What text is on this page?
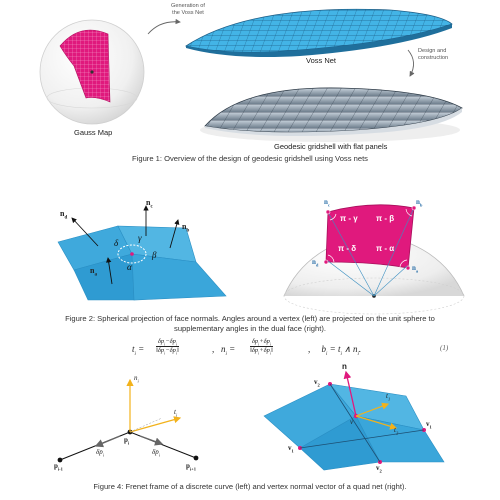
Generation of
the Voss Net
Design and
construction
Voss Net
Gauss Map
Geodesic gridshell with flat panels
Figure 1: Overview of the design of geodesic gridshell using Voss nets
$n_d$
$n_c$
$n_b$
$n_a$
δ γ
β
α
π - γ π - β
π - δ π - α
$n_c$	$n_b$
$n_d$	$n_a$
Figure 2: Spherical projection of face normals. Angles around a vertex (left) are projected on the unit sphere to
supplementary angles in the dual face (right).
$t_i$ =
$\delta p_i-\delta p_i$
$‖\delta p_i-\delta p_i‖$	,   $n_i$ =
$\delta p_i+\delta p_i$
$‖\delta p_i+\delta p_i‖$	,     $b_i = t_i$ ∧ $n_i$.	(1)
$n_i$
$t_i$
$p_i$
$p_{i-1}$	$p_{i+1}$
$\delta p_i$	$\delta p_i$
n
v
$v_2$
$v_1$
$v_1$
$v_2$
$t_1$
$t_2$
Figure 4: Frenet frame of a discrete curve (left) and vertex normal vector of a quad net (right).
